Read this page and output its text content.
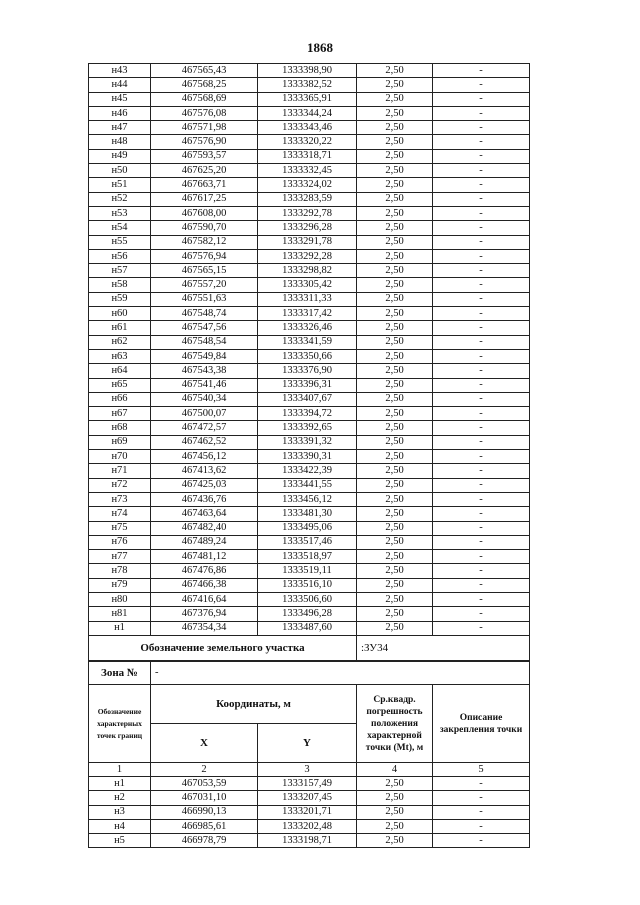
1868
н43	467565,43	1333398,90	2,50	-
н44	467568,25	1333382,52	2,50	-
н45	467568,69	1333365,91	2,50	-
н46	467576,08	1333344,24	2,50	-
н47	467571,98	1333343,46	2,50	-
н48	467576,90	1333320,22	2,50	-
н49	467593,57	1333318,71	2,50	-
н50	467625,20	1333332,45	2,50	-
н51	467663,71	1333324,02	2,50	-
н52	467617,25	1333283,59	2,50	-
н53	467608,00	1333292,78	2,50	-
н54	467590,70	1333296,28	2,50	-
н55	467582,12	1333291,78	2,50	-
н56	467576,94	1333292,28	2,50	-
н57	467565,15	1333298,82	2,50	-
н58	467557,20	1333305,42	2,50	-
н59	467551,63	1333311,33	2,50	-
н60	467548,74	1333317,42	2,50	-
н61	467547,56	1333326,46	2,50	-
н62	467548,54	1333341,59	2,50	-
н63	467549,84	1333350,66	2,50	-
н64	467543,38	1333376,90	2,50	-
н65	467541,46	1333396,31	2,50	-
н66	467540,34	1333407,67	2,50	-
н67	467500,07	1333394,72	2,50	-
н68	467472,57	1333392,65	2,50	-
н69	467462,52	1333391,32	2,50	-
н70	467456,12	1333390,31	2,50	-
н71	467413,62	1333422,39	2,50	-
н72	467425,03	1333441,55	2,50	-
н73	467436,76	1333456,12	2,50	-
н74	467463,64	1333481,30	2,50	-
н75	467482,40	1333495,06	2,50	-
н76	467489,24	1333517,46	2,50	-
н77	467481,12	1333518,97	2,50	-
н78	467476,86	1333519,11	2,50	-
н79	467466,38	1333516,10	2,50	-
н80	467416,64	1333506,60	2,50	-
н81	467376,94	1333496,28	2,50	-
н1	467354,34	1333487,60	2,50	-
Обозначение земельного участка			:ЗУ34	
Зона №	-			
Обозначение характерных точек границ	Координаты, м		Ср.квадр. погрешность положения характерной точки (Mt), м	Описание закрепления точки
	X	Y		
1	2	3	4	5
н1	467053,59	1333157,49	2,50	-
н2	467031,10	1333207,45	2,50	-
н3	466990,13	1333201,71	2,50	-
н4	466985,61	1333202,48	2,50	-
н5	466978,79	1333198,71	2,50	-
